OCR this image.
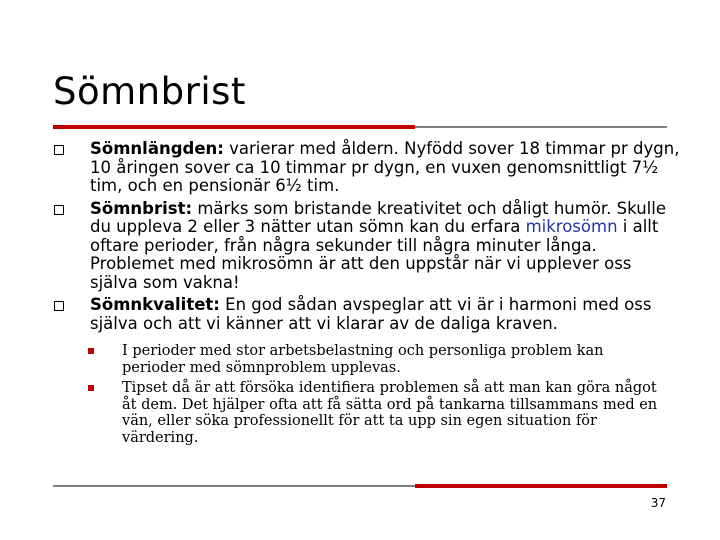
Sömnbrist
Sömnlängden: varierar med åldern. Nyfödd sover 18 timmar pr dygn, 10 åringen sover ca 10 timmar pr dygn, en vuxen genomsnittligt 7½ tim, och en pensionär 6½ tim.
Sömnbrist: märks som bristande kreativitet och dåligt humör. Skulle du uppleva 2 eller 3 nätter utan sömn kan du erfara mikrosömn i allt oftare perioder, från några sekunder till några minuter långa. Problemet med mikrosömn är att den uppstår när vi upplever oss själva som vakna!
Sömnkvalitet: En god sådan avspeglar att vi är i harmoni med oss själva och att vi känner att vi klarar av de daliga kraven.
I perioder med stor arbetsbelastning och personliga problem kan perioder med sömnproblem upplevas.
Tipset då är att försöka identifiera problemen så att man kan göra något åt dem. Det hjälper ofta att få sätta ord på tankarna tillsammans med en vän, eller söka professionellt för att ta upp sin egen situation för värdering.
37
